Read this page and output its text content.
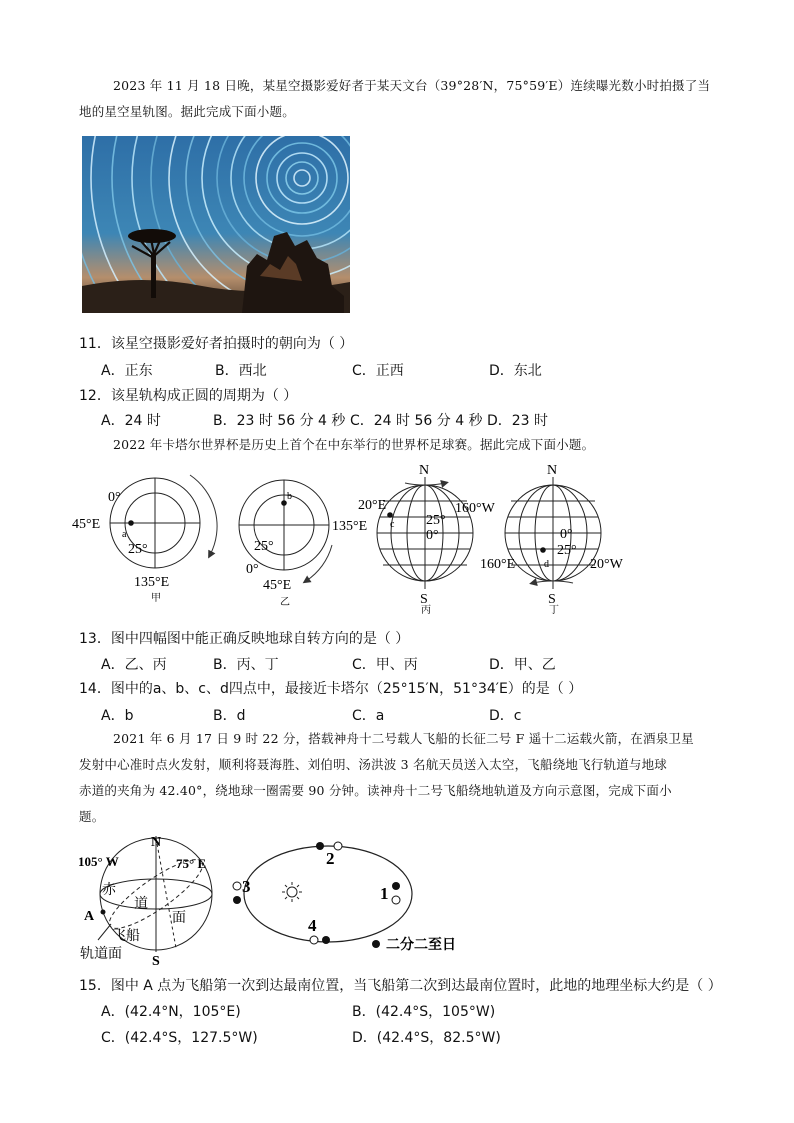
2023 年 11 月 18 日晚，某星空摄影爱好者于某天文台（39°28′N，75°59′E）连续曝光数小时拍摄了当
地的星空星轨图。据此完成下面小题。
11．该星空摄影爱好者拍摄时的朝向为（ ）
A．正东	B．西北	C．正西	D．东北
12．该星轨构成正圆的周期为（ ）
A．24 时	B．23 时 56 分 4 秒 C．24 时 56 分 4 秒 D．23 时
2022 年卡塔尔世界杯是历史上首个在中东举行的世界杯足球赛。据此完成下面小题。
0°
45°E
a
25°
135°E
甲
b
135°E
25°
0°
45°E
乙
N
S
20°E	160°W
25°
0°
c
丙
N
S
160°E	20°W
0°
25°
d
丁
13．图中四幅图中能正确反映地球自转方向的是（ ）
A．乙、丙	B．丙、丁	C．甲、丙	D．甲、乙
14．图中的a、b、c、d四点中，最接近卡塔尔（25°15′N，51°34′E）的是（ ）
A．b	B．d	C．a	D．c
2021 年 6 月 17 日 9 时 22 分，搭载神舟十二号载人飞船的长征二号 F 遥十二运载火箭，在酒泉卫星
发射中心准时点火发射，顺利将聂海胜、刘伯明、汤洪波 3 名航天员送入太空，飞船绕地飞行轨道与地球
赤道的夹角为 42.40°，绕地球一圈需要 90 分钟。读神舟十二号飞船绕地轨道及方向示意图，完成下面小
题。
N
S
105° W	75° E
赤
道
面
A
飞船
轨道面
2
3	1
4
二分二至日
15．图中 A 点为飞船第一次到达最南位置，当飞船第二次到达最南位置时，此地的地理坐标大约是（ ）
A．(42.4°N，105°E)	B．(42.4°S，105°W)
C．(42.4°S，127.5°W)	D．(42.4°S，82.5°W)
